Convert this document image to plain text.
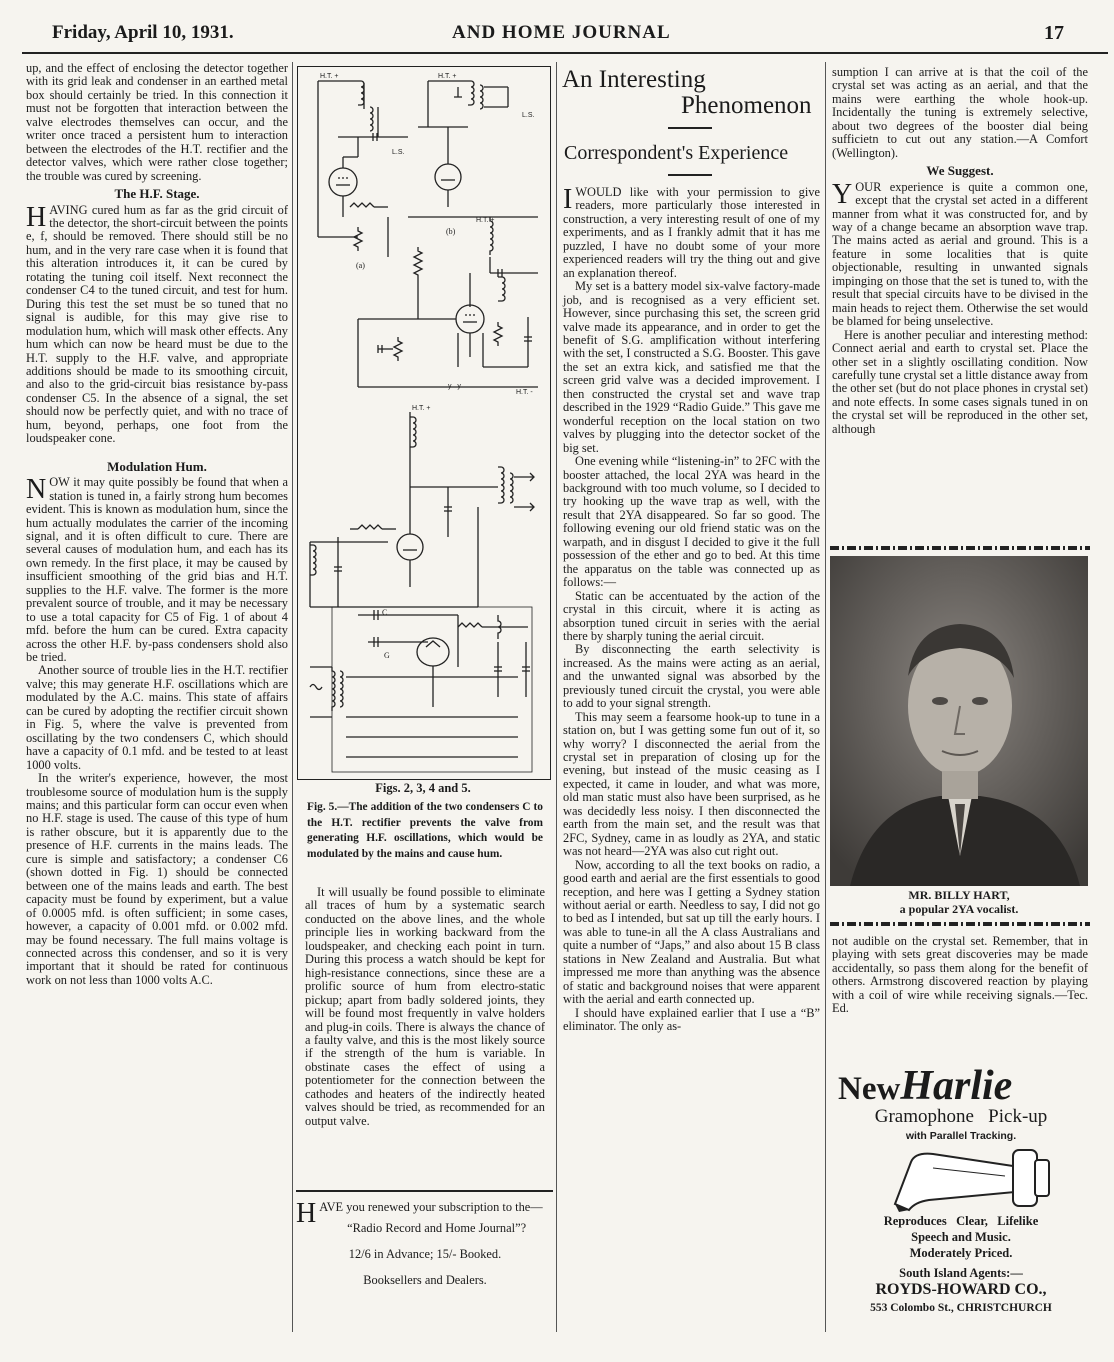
Friday, April 10, 1931.	AND HOME JOURNAL	17

up, and the effect of enclosing the detector together with its grid leak and condenser in an earthed metal box should certainly be tried. In this connection it must not be forgotten that interaction between the valve electrodes themselves can occur, and the writer once traced a persistent hum to interaction between the electrodes of the H.T. rectifier and the detector valves, which were rather close together; the trouble was cured by screening.

The H.F. Stage.

HAVING cured hum as far as the grid circuit of the detector, the short-circuit between the points e, f, should be removed. There should still be no hum, and in the very rare case when it is found that this alteration introduces it, it can be cured by rotating the tuning coil itself. Next reconnect the condenser C4 to the tuned circuit, and test for hum. During this test the set must be so tuned that no signal is audible, for this may give rise to modulation hum, which will mask other effects. Any hum which can now be heard must be due to the H.T. supply to the H.F. valve, and appropriate additions should be made to its smoothing circuit, and also to the grid-circuit bias resistance by-pass condenser C5. In the absence of a signal, the set should now be perfectly quiet, and with no trace of hum, beyond, perhaps, one foot from the loudspeaker cone.

Modulation Hum.

NOW it may quite possibly be found that when a station is tuned in, a fairly strong hum becomes evident. This is known as modulation hum, since the hum actually modulates the carrier of the incoming signal, and it is often difficult to cure. There are several causes of modulation hum, and each has its own remedy. In the first place, it may be caused by insufficient smoothing of the grid bias and H.T. supplies to the H.F. valve. The former is the more prevalent source of trouble, and it may be necessary to use a total capacity for C5 of Fig. 1 of about 4 mfd. before the hum can be cured. Extra capacity across the other H.F. by-pass condensers shold also be tried.

Another source of trouble lies in the H.T. rectifier valve; this may generate H.F. oscillations which are modulated by the A.C. mains. This state of affairs can be cured by adopting the rectifier circuit shown in Fig. 5, where the valve is prevented from oscillating by the two condensers C, which should have a capacity of 0.1 mfd. and be tested to at least 1000 volts.

In the writer's experience, however, the most troublesome source of modulation hum is the supply mains; and this particular form can occur even when no H.F. stage is used. The cause of this type of hum is rather obscure, but it is apparently due to the presence of H.F. currents in the mains leads. The cure is simple and satisfactory; a condenser C6 (shown dotted in Fig. 1) should be connected between one of the mains leads and earth. The best capacity must be found by experiment, but a value of 0.0005 mfd. is often sufficient; in some cases, however, a capacity of 0.001 mfd. or 0.002 mfd. may be found necessary. The full mains voltage is connected across this condenser, and so it is very important that it should be rated for continuous work on not less than 1000 volts A.C.

H.T. +	H.T. +
L.S.
L.S.
H.T. +
(a)
(b)
H.T. -
y   y
H.T. +
G
C
Figs. 2, 3, 4 and 5.
Fig. 5.—The addition of the two condensers C to the H.T. rectifier prevents the valve from generating H.F. oscillations, which would be modulated by the mains and cause hum.

It will usually be found possible to eliminate all traces of hum by a systematic search conducted on the above lines, and the whole principle lies in working backward from the loudspeaker, and checking each point in turn. During this process a watch should be kept for high-resistance connections, since these are a prolific source of hum from electro-static pickup; apart from badly soldered joints, they will be found most frequently in valve holders and plug-in coils. There is always the chance of a faulty valve, and this is the most likely source if the strength of the hum is variable. In obstinate cases the effect of using a potentiometer for the connection between the cathodes and heaters of the indirectly heated valves should be tried, as recommended for an output valve.

HAVE you renewed your subscription to the—

“Radio Record and Home Journal”?

12/6 in Advance; 15/- Booked.

Booksellers and Dealers.

An Interesting
Phenomenon
Correspondent's Experience

IWOULD like with your permission to give readers, more particularly those interested in construction, a very interesting result of one of my experiments, and as I frankly admit that it has me puzzled, I have no doubt some of your more experienced readers will try the thing out and give an explanation thereof.

My set is a battery model six-valve factory-made job, and is recognised as a very efficient set. However, since purchasing this set, the screen grid valve made its appearance, and in order to get the benefit of S.G. amplification without interfering with the set, I constructed a S.G. Booster. This gave the set an extra kick, and satisfied me that the screen grid valve was a decided improvement. I then constructed the crystal set and wave trap described in the 1929 “Radio Guide.” This gave me wonderful reception on the local station on two valves by plugging into the detector socket of the big set.

One evening while “listening-in” to 2FC with the booster attached, the local 2YA was heard in the background with too much volume, so I decided to try hooking up the wave trap as well, with the result that 2YA disappeared. So far so good. The following evening our old friend static was on the warpath, and in disgust I decided to give it the full possession of the ether and go to bed. At this time the apparatus on the table was connected up as follows:—

Static can be accentuated by the action of the crystal in this circuit, where it is acting as absorption tuned circuit in series with the aerial there by sharply tuning the aerial circuit.

By disconnecting the earth selectivity is increased. As the mains were acting as an aerial, and the unwanted signal was absorbed by the previously tuned circuit the crystal, you were able to add to your signal strength.

This may seem a fearsome hook-up to tune in a station on, but I was getting some fun out of it, so why worry? I disconnected the aerial from the crystal set in preparation of closing up for the evening, but instead of the music ceasing as I expected, it came in louder, and what was more, old man static must also have been surprised, as he was decidedly less noisy. I then disconnected the earth from the main set, and the result was that 2FC, Sydney, came in as loudly as 2YA, and static was not heard—2YA was also cut right out.

Now, according to all the text books on radio, a good earth and aerial are the first essentials to good reception, and here was I getting a Sydney station without aerial or earth. Needless to say, I did not go to bed as I intended, but sat up till the early hours. I was able to tune-in all the A class Australians and quite a number of “Japs,” and also about 15 B class stations in New Zealand and Australia. But what impressed me more than anything was the absence of static and background noises that were apparent with the aerial and earth connected up.

I should have explained earlier that I use a “B” eliminator. The only as-

sumption I can arrive at is that the coil of the crystal set was acting as an aerial, and that the mains were earthing the whole hook-up. Incidentally the tuning is extremely selective, about two degrees of the booster dial being sufficietn to cut out any station.—A Comfort (Wellington).

We Suggest.

YOUR experience is quite a common one, except that the crystal set acted in a different manner from what it was constructed for, and by way of a change became an absorption wave trap. The mains acted as aerial and ground. This is a feature in some localities that is quite objectionable, resulting in unwanted signals impinging on those that the set is tuned to, with the result that special circuits have to be divised in the main heads to reject them. Otherwise the set would be blamed for being unselective.

Here is another peculiar and interesting method: Connect aerial and earth to crystal set. Place the other set in a slightly oscillating condition. Now carefully tune crystal set a little distance away from the other set (but do not place phones in crystal set) and note effects. In some cases signals tuned in on the crystal set will be reproduced in the other set, although

MR. BILLY HART,
a popular 2YA vocalist.

not audible on the crystal set. Remember, that in playing with sets great discoveries may be made accidentally, so pass them along for the benefit of others. Armstrong discovered reaction by playing with a coil of wire while receiving signals.—Tec. Ed.

NewHarlie
Gramophone   Pick-up
with Parallel Tracking.
Reproduces   Clear,   Lifelike
Speech and Music.
Moderately Priced.
South Island Agents:—
ROYDS-HOWARD CO.,
553 Colombo St., CHRISTCHURCH
